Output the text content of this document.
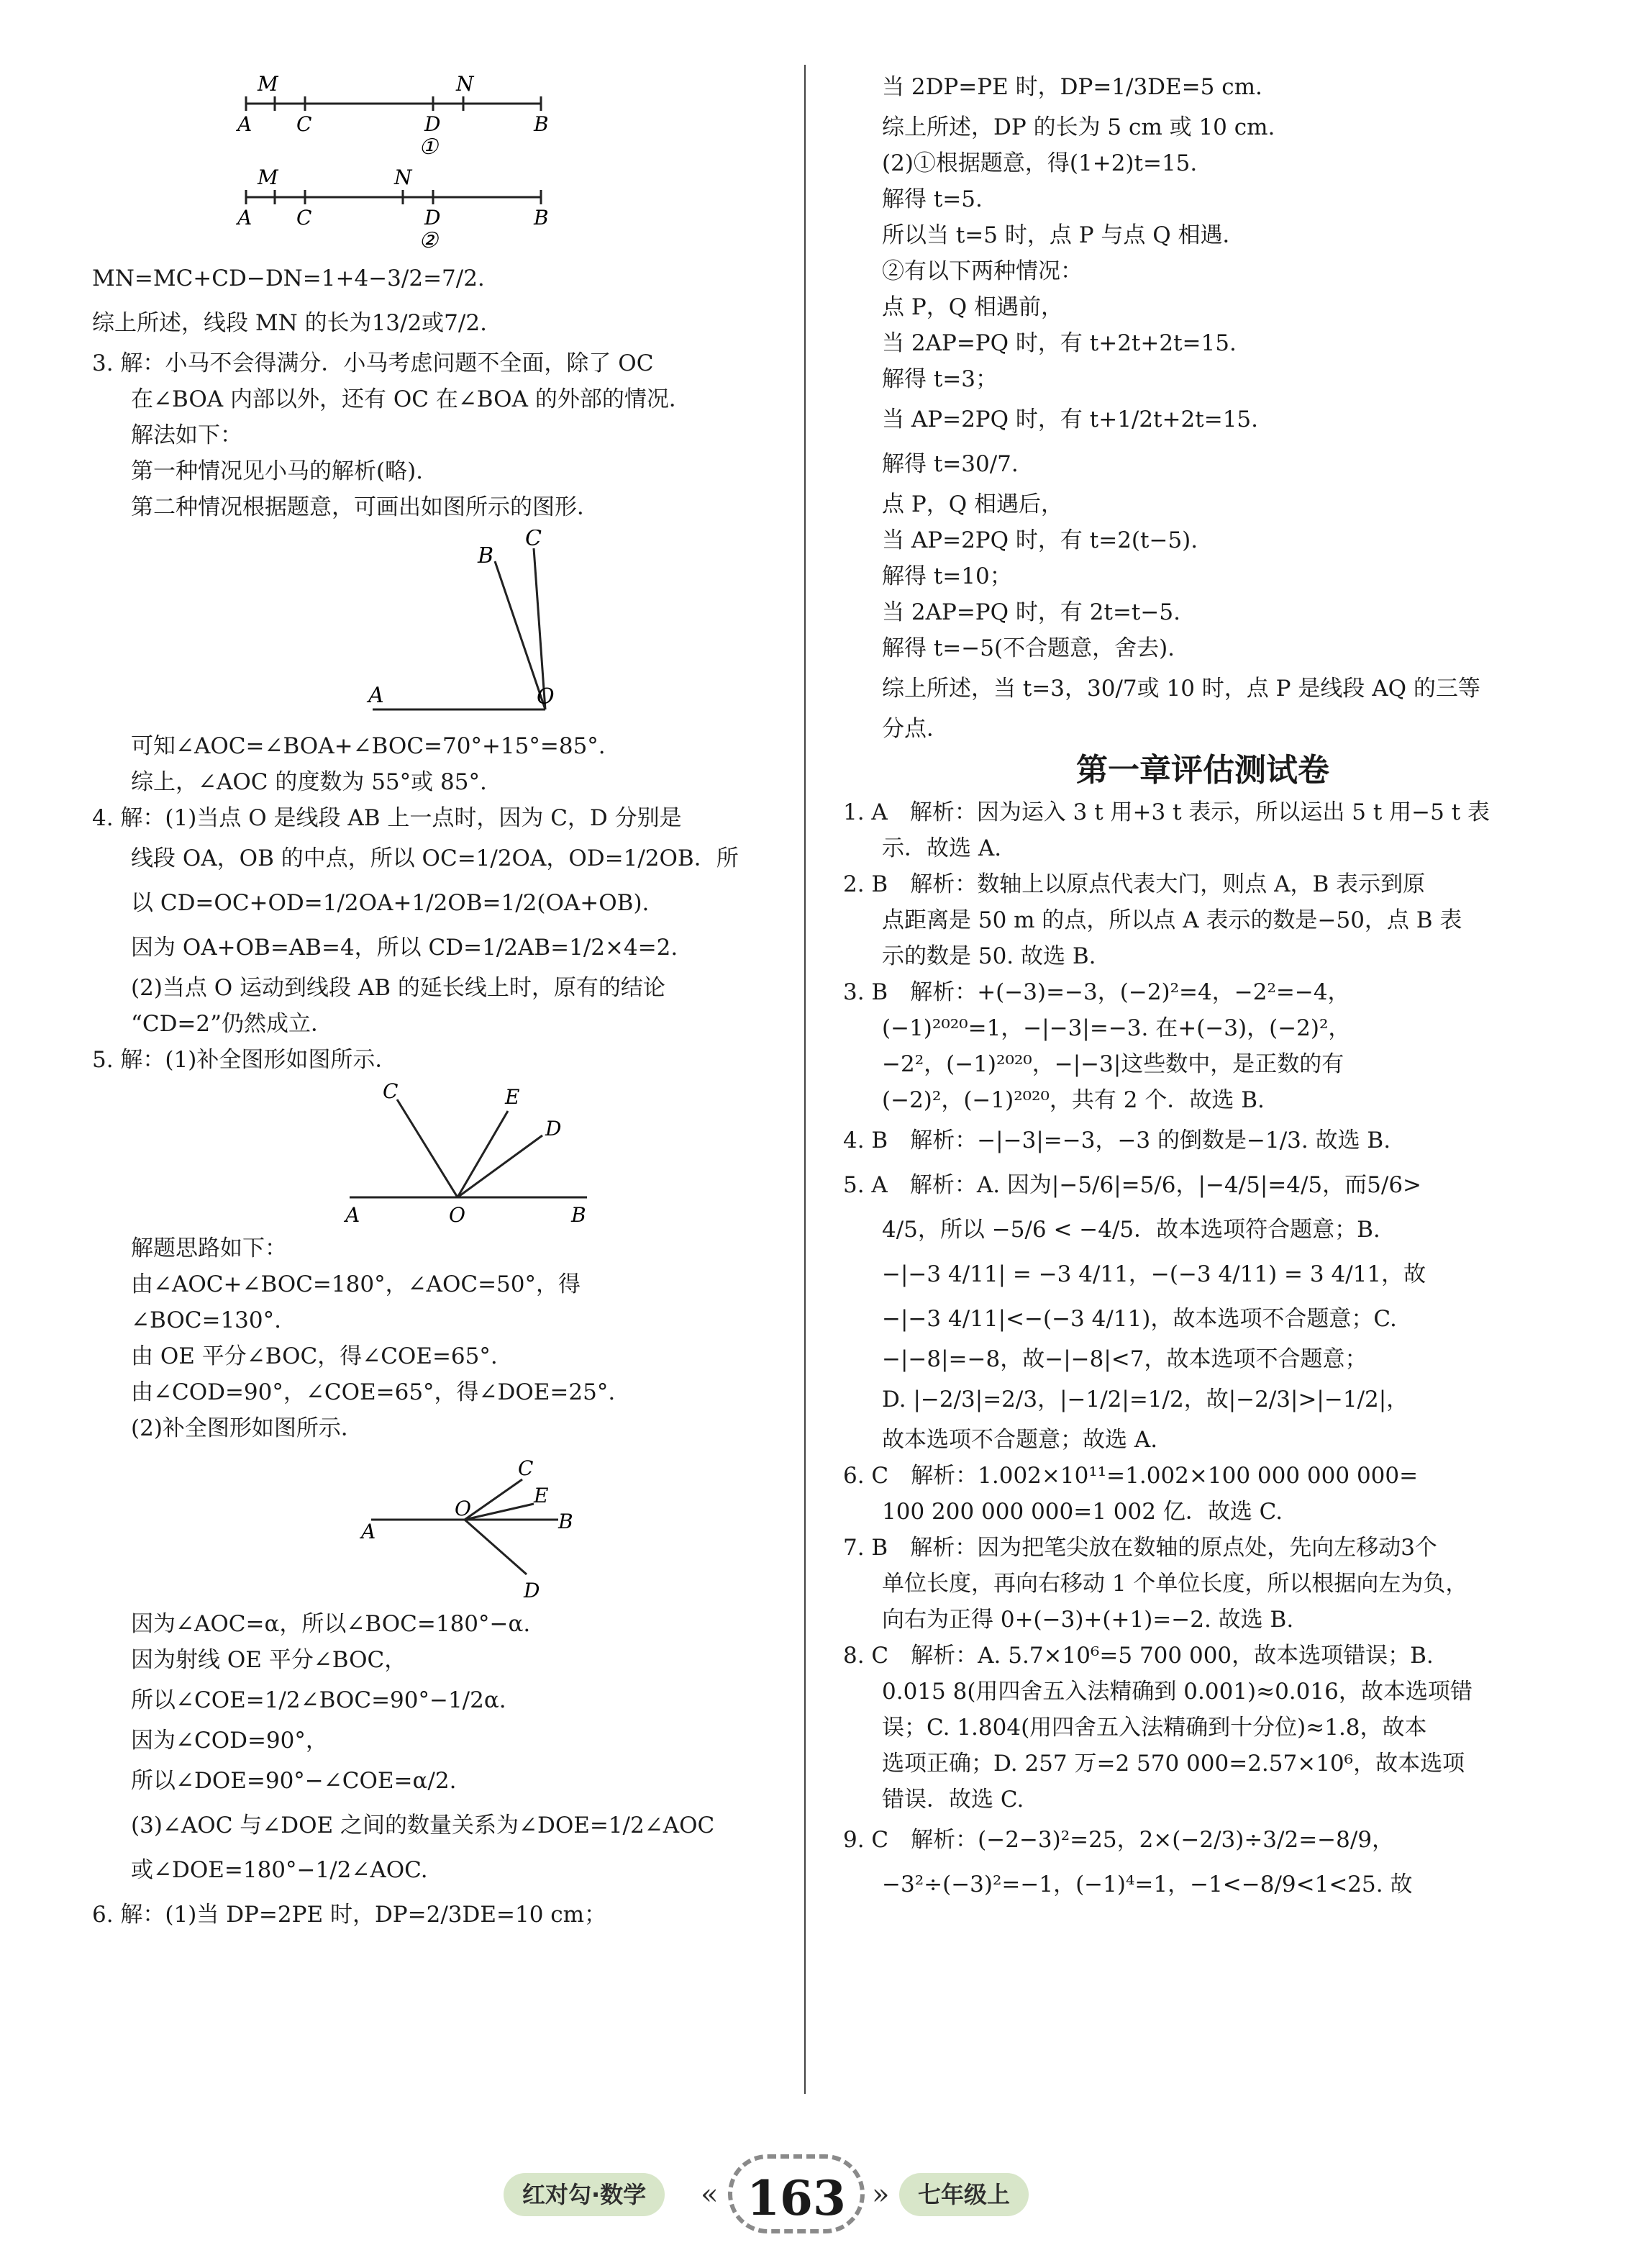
M	N
A C	D	B
①
M	N
A C	D	B
②
MN=MC+CD−DN=1+4−3/2=7/2.
综上所述，线段 MN 的长为13/2或7/2.
3. 解：小马不会得满分．小马考虑问题不全面，除了 OC
在∠BOA 内部以外，还有 OC 在∠BOA 的外部的情况．
解法如下：
第一种情况见小马的解析(略).
第二种情况根据题意，可画出如图所示的图形．
B
C
A	O
可知∠AOC=∠BOA+∠BOC=70°+15°=85°.
综上，∠AOC 的度数为 55°或 85°.
4. 解：(1)当点 O 是线段 AB 上一点时，因为 C，D 分别是
线段 OA，OB 的中点，所以 OC=1/2OA，OD=1/2OB．所
以 CD=OC+OD=1/2OA+1/2OB=1/2(OA+OB).
因为 OA+OB=AB=4，所以 CD=1/2AB=1/2×4=2.
(2)当点 O 运动到线段 AB 的延长线上时，原有的结论
“CD=2”仍然成立．
5. 解：(1)补全图形如图所示．
C	E
D
A	O	B
解题思路如下：
由∠AOC+∠BOC=180°，∠AOC=50°，得
∠BOC=130°.
由 OE 平分∠BOC，得∠COE=65°.
由∠COD=90°，∠COE=65°，得∠DOE=25°.
(2)补全图形如图所示．
C
E
B
A
O
D
因为∠AOC=α，所以∠BOC=180°−α.
因为射线 OE 平分∠BOC，
所以∠COE=1/2∠BOC=90°−1/2α.
因为∠COD=90°，
所以∠DOE=90°−∠COE=α/2.
(3)∠AOC 与∠DOE 之间的数量关系为∠DOE=1/2∠AOC
或∠DOE=180°−1/2∠AOC.
6. 解：(1)当 DP=2PE 时，DP=2/3DE=10 cm；
当 2DP=PE 时，DP=1/3DE=5 cm.
综上所述，DP 的长为 5 cm 或 10 cm.
(2)①根据题意，得(1+2)t=15.
解得 t=5.
所以当 t=5 时，点 P 与点 Q 相遇．
②有以下两种情况：
点 P，Q 相遇前，
当 2AP=PQ 时，有 t+2t+2t=15.
解得 t=3；
当 AP=2PQ 时，有 t+1/2t+2t=15.
解得 t=30/7.
点 P，Q 相遇后，
当 AP=2PQ 时，有 t=2(t−5).
解得 t=10；
当 2AP=PQ 时，有 2t=t−5.
解得 t=−5(不合题意，舍去).
综上所述，当 t=3，30/7或 10 时，点 P 是线段 AQ 的三等
分点．
第一章评估测试卷
1. A　解析：因为运入 3 t 用+3 t 表示，所以运出 5 t 用−5 t 表
示．故选 A.
2. B　解析：数轴上以原点代表大门，则点 A，B 表示到原
点距离是 50 m 的点，所以点 A 表示的数是−50，点 B 表
示的数是 50. 故选 B.
3. B　解析：+(−3)=−3，(−2)²=4，−2²=−4，
(−1)²⁰²⁰=1，−|−3|=−3. 在+(−3)，(−2)²，
−2²，(−1)²⁰²⁰，−|−3|这些数中，是正数的有
(−2)²，(−1)²⁰²⁰，共有 2 个．故选 B.
4. B　解析：−|−3|=−3，−3 的倒数是−1/3. 故选 B.
5. A　解析：A. 因为|−5/6|=5/6，|−4/5|=4/5，而5/6>
4/5，所以 −5/6 < −4/5．故本选项符合题意；B.
−|−3 4/11| = −3 4/11，−(−3 4/11) = 3 4/11，故
−|−3 4/11|<−(−3 4/11)，故本选项不合题意；C.
−|−8|=−8，故−|−8|<7，故本选项不合题意；
D. |−2/3|=2/3，|−1/2|=1/2，故|−2/3|>|−1/2|，
故本选项不合题意；故选 A.
6. C　解析：1.002×10¹¹=1.002×100 000 000 000=
100 200 000 000=1 002 亿．故选 C.
7. B　解析：因为把笔尖放在数轴的原点处，先向左移动3个
单位长度，再向右移动 1 个单位长度，所以根据向左为负，
向右为正得 0+(−3)+(+1)=−2. 故选 B.
8. C　解析：A. 5.7×10⁶=5 700 000，故本选项错误；B.
0.015 8(用四舍五入法精确到 0.001)≈0.016，故本选项错
误；C. 1.804(用四舍五入法精确到十分位)≈1.8，故本
选项正确；D. 257 万=2 570 000=2.57×10⁶，故本选项
错误．故选 C.
9. C　解析：(−2−3)²=25，2×(−2/3)÷3/2=−8/9，
−3²÷(−3)²=−1，(−1)⁴=1，−1<−8/9<1<25. 故
红对勾·数学	« 163 »	七年级上
